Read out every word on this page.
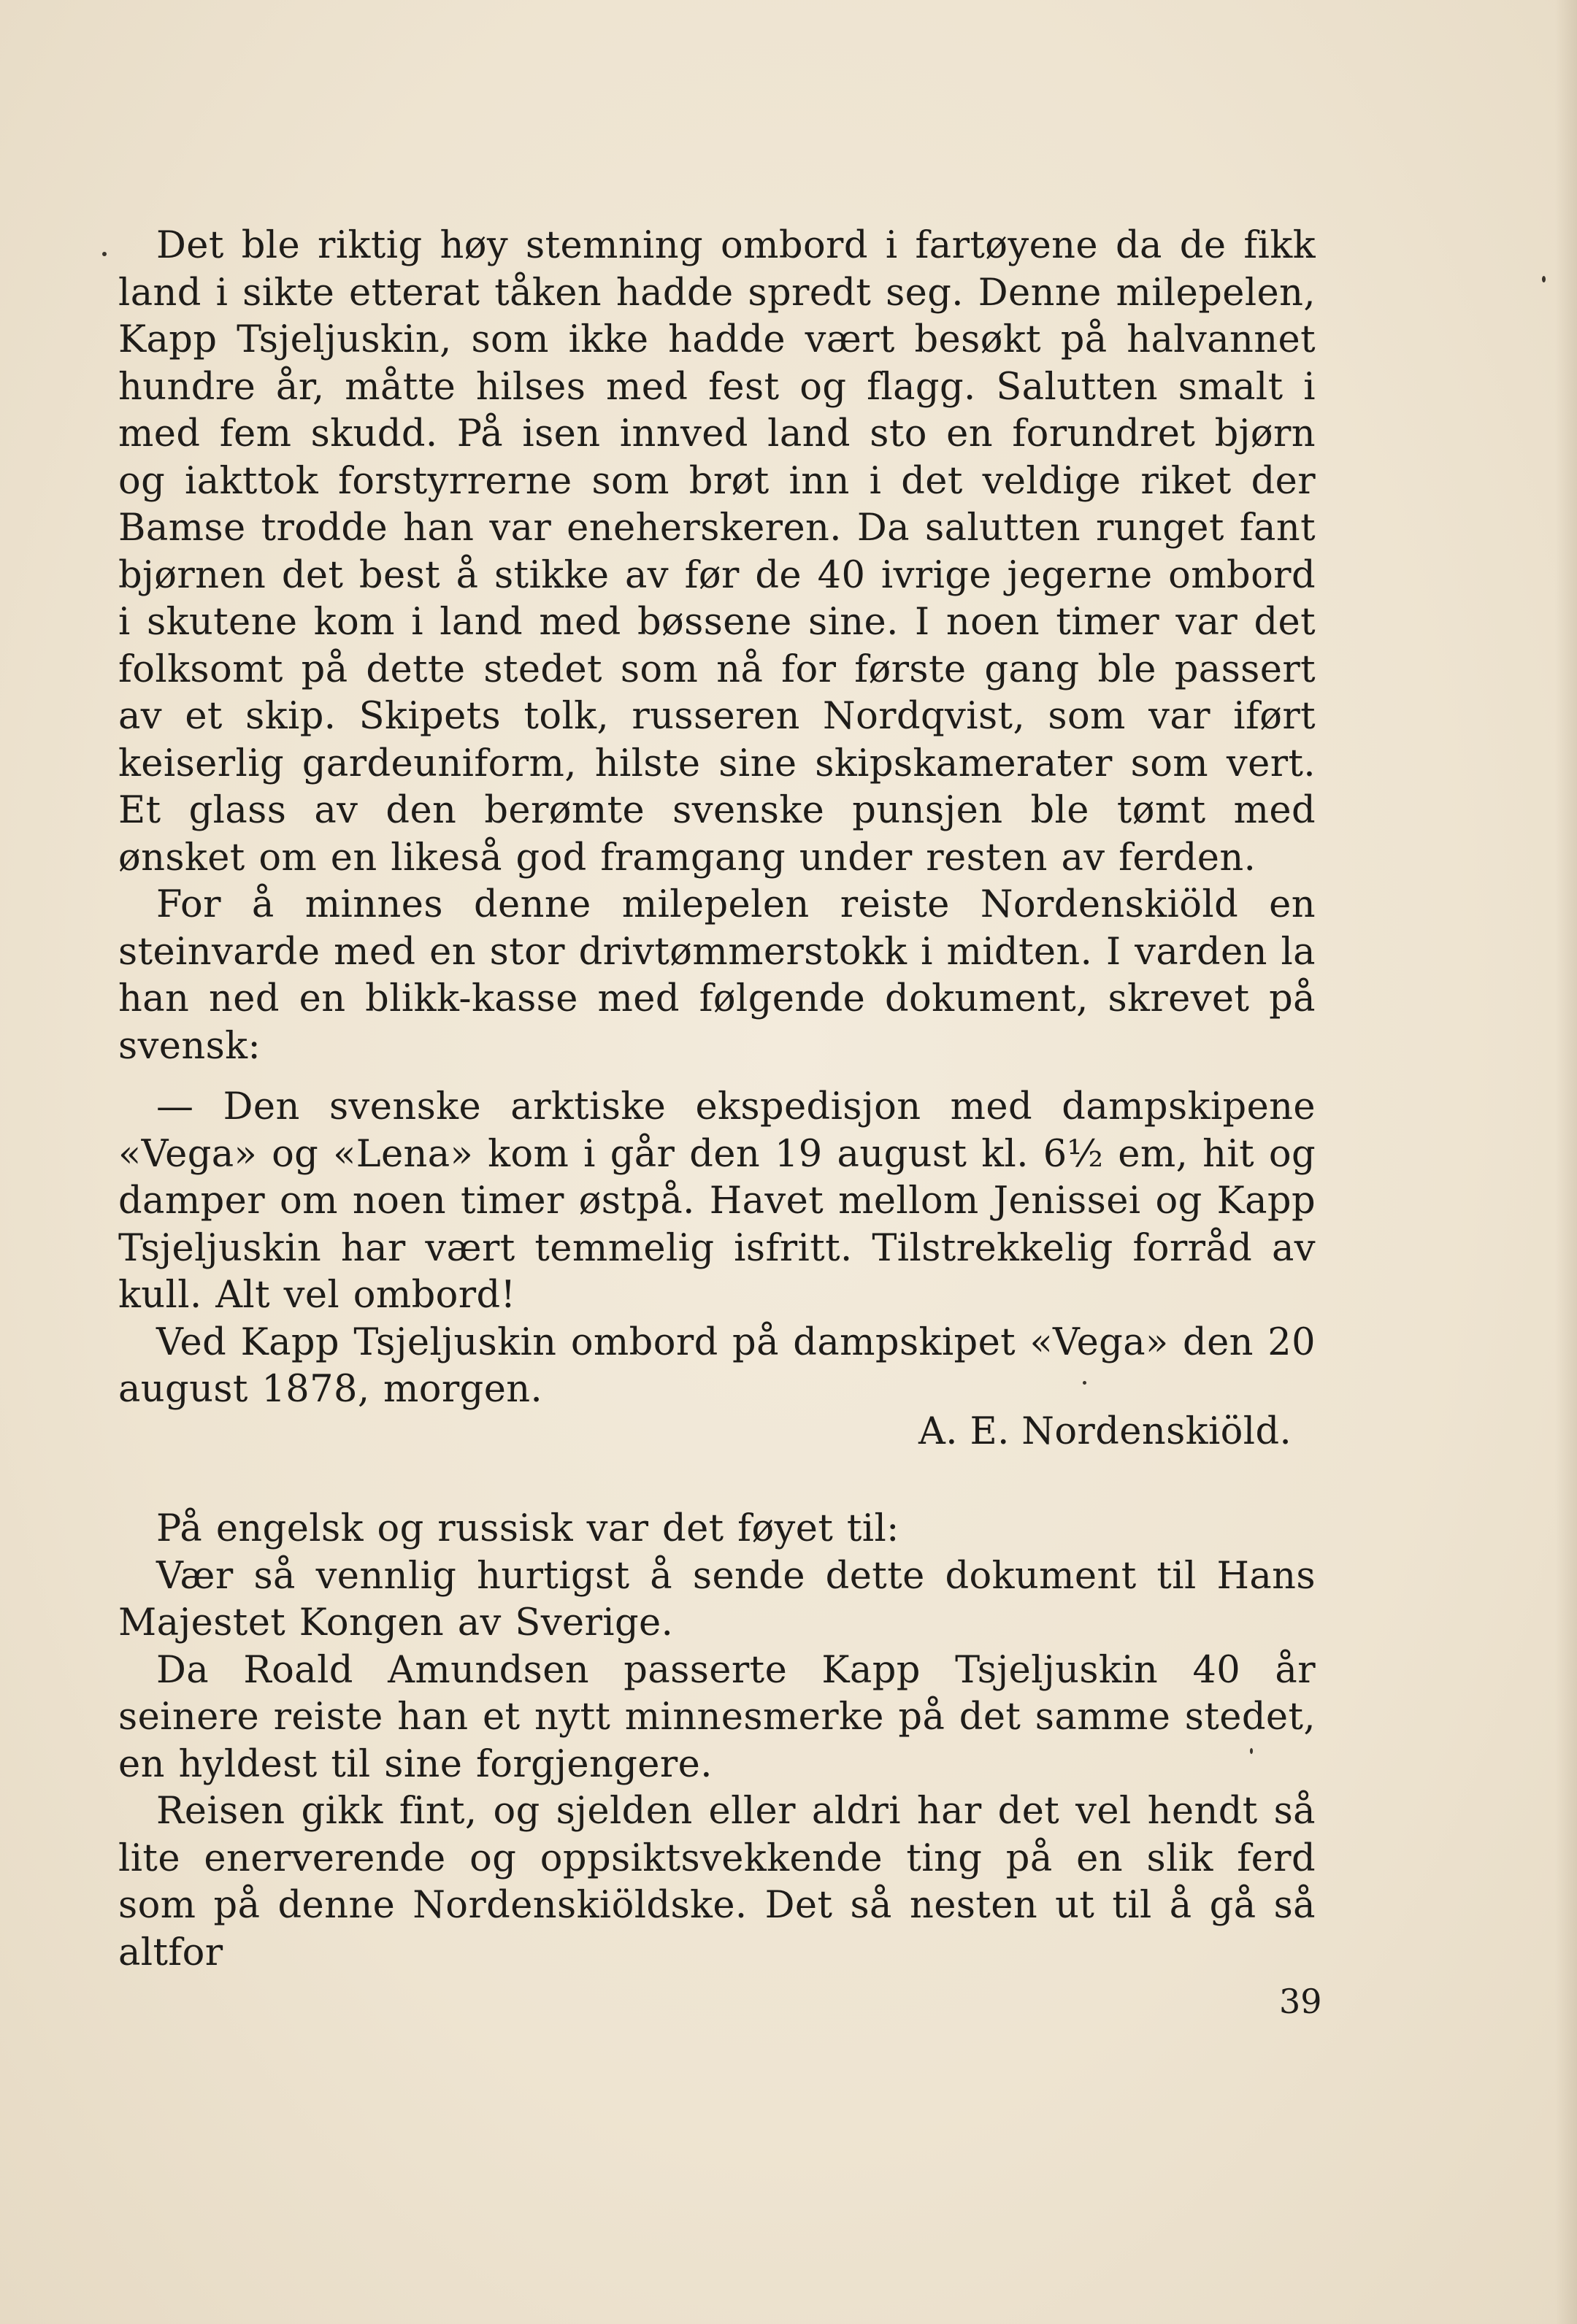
Det ble riktig høy stemning ombord i fartøyene da de fikk land i sikte etterat tåken hadde spredt seg. Denne milepelen, Kapp Tsjeljuskin, som ikke hadde vært besøkt på halvannet hundre år, måtte hilses med fest og flagg. Salutten smalt i med fem skudd. På isen innved land sto en forundret bjørn og iakttok forstyrrerne som brøt inn i det veldige riket der Bamse trodde han var eneherskeren. Da salutten runget fant bjørnen det best å stikke av før de 40 ivrige jegerne ombord i skutene kom i land med bøssene sine. I noen timer var det folksomt på dette stedet som nå for første gang ble passert av et skip. Skipets tolk, russeren Nordqvist, som var iført keiserlig gardeuniform, hilste sine skipskamerater som vert. Et glass av den berømte svenske punsjen ble tømt med ønsket om en likeså god framgang under resten av ferden.

For å minnes denne milepelen reiste Nordenskiöld en steinvarde med en stor drivtømmerstokk i midten. I varden la han ned en blikk-kasse med følgende dokument, skrevet på svensk:

— Den svenske arktiske ekspedisjon med dampskipene «Vega» og «Lena» kom i går den 19 august kl. 6½ em, hit og damper om noen timer østpå. Havet mellom Jenissei og Kapp Tsjeljuskin har vært temmelig isfritt. Tilstrekkelig forråd av kull. Alt vel ombord!

Ved Kapp Tsjeljuskin ombord på dampskipet «Vega» den 20 august 1878, morgen.

A. E. Nordenskiöld.

På engelsk og russisk var det føyet til:

Vær så vennlig hurtigst å sende dette dokument til Hans Majestet Kongen av Sverige.

Da Roald Amundsen passerte Kapp Tsjeljuskin 40 år seinere reiste han et nytt minnesmerke på det samme stedet, en hyldest til sine forgjengere.

Reisen gikk fint, og sjelden eller aldri har det vel hendt så lite enerverende og oppsiktsvekkende ting på en slik ferd som på denne Nordenskiöldske. Det så nesten ut til å gå så altfor

39
